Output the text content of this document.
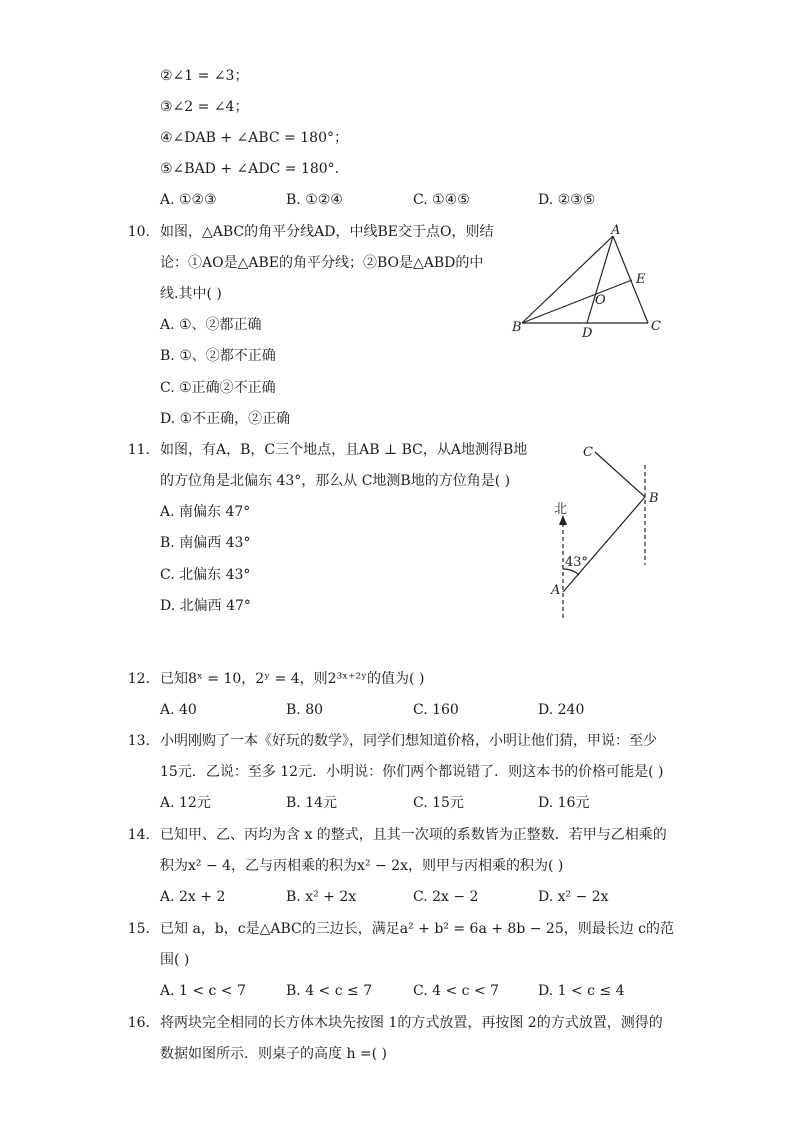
②∠1 = ∠3；
③∠2 = ∠4；
④∠DAB + ∠ABC = 180°；
⑤∠BAD + ∠ADC = 180°.
A. ①②③	B. ①②④	C. ①④⑤	D. ②③⑤
10. 如图，△ABC的角平分线AD，中线BE交于点O，则结
论：①AO是△ABE的角平分线；②BO是△ABD的中
线.其中( )
A. ①、②都正确
B. ①、②都不正确
C. ①正确②不正确
D. ①不正确，②正确
A
B	C
D
E
O
11. 如图，有A，B，C三个地点，且AB ⊥ BC，从A地测得B地
的方位角是北偏东 43°，那么从 C地测B地的方位角是( )
A. 南偏东 47°
B. 南偏西 43°
C. 北偏东 43°
D. 北偏西 47°
北
43°
A
B
C
12. 已知8ˣ = 10，2ʸ = 4，则2³ˣ⁺²ʸ的值为( )
A. 40	B. 80	C. 160	D. 240
13. 小明刚购了一本《好玩的数学》，同学们想知道价格，小明让他们猜，甲说：至少
15元．乙说：至多 12元．小明说：你们两个都说错了．则这本书的价格可能是( )
A. 12元	B. 14元	C. 15元	D. 16元
14. 已知甲、乙、丙均为含 x 的整式，且其一次项的系数皆为正整数．若甲与乙相乘的
积为x² − 4，乙与丙相乘的积为x² − 2x，则甲与丙相乘的积为( )
A. 2x + 2	B. x² + 2x	C. 2x − 2	D. x² − 2x
15. 已知 a，b，c是△ABC的三边长，满足a² + b² = 6a + 8b − 25，则最长边 c的范
围( )
A. 1 < c < 7	B. 4 < c ≤ 7	C. 4 < c < 7	D. 1 < c ≤ 4
16. 将两块完全相同的长方体木块先按图 1的方式放置，再按图 2的方式放置，测得的
数据如图所示．则桌子的高度 h =( )
